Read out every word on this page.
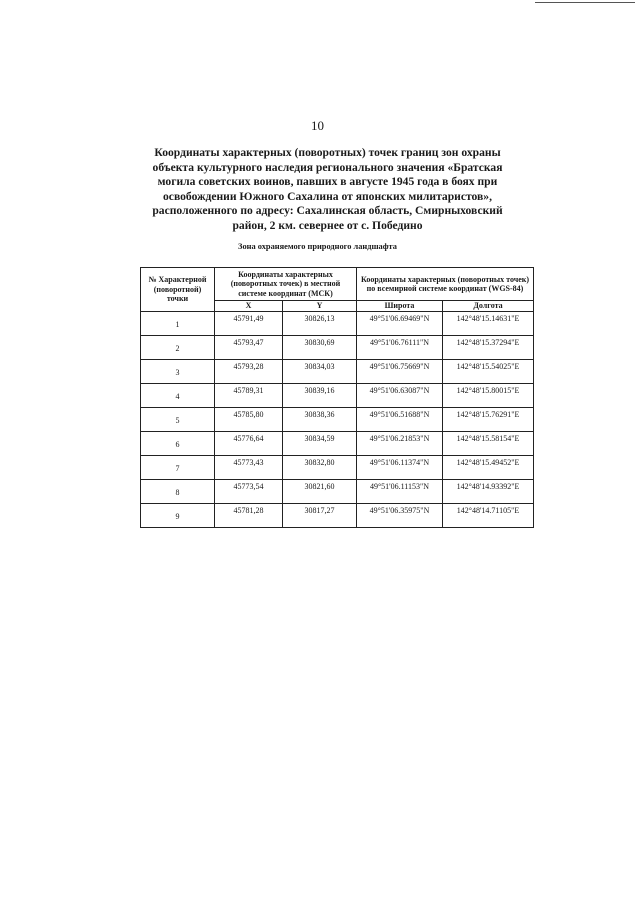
10
Координаты характерных (поворотных) точек границ зон охраны
объекта культурного наследия регионального значения «Братская
могила советских воинов, павших в августе 1945 года в боях при
освобождении Южного Сахалина от японских милитаристов»,
расположенного по адресу: Сахалинская область, Смирныховский
район, 2 км. севернее от с. Победино
Зона охраняемого природного ландшафта
№ Характерной (поворотной) точки	Координаты характерных (поворотных точек) в местной системе координат (МСК)		Координаты характерных (поворотных точек) по всемирной системе координат (WGS-84)	
	X	Y	Широта	Долгота
1	45791,49	30826,13	49°51'06.69469"N	142°48'15.14631"E
2	45793,47	30830,69	49°51'06.76111"N	142°48'15.37294"E
3	45793,28	30834,03	49°51'06.75669"N	142°48'15.54025"E
4	45789,31	30839,16	49°51'06.63087"N	142°48'15.80015"E
5	45785,80	30838,36	49°51'06.51688"N	142°48'15.76291"E
6	45776,64	30834,59	49°51'06.21853"N	142°48'15.58154"E
7	45773,43	30832,80	49°51'06.11374"N	142°48'15.49452"E
8	45773,54	30821,60	49°51'06.11153"N	142°48'14.93392"E
9	45781,28	30817,27	49°51'06.35975"N	142°48'14.71105"E
